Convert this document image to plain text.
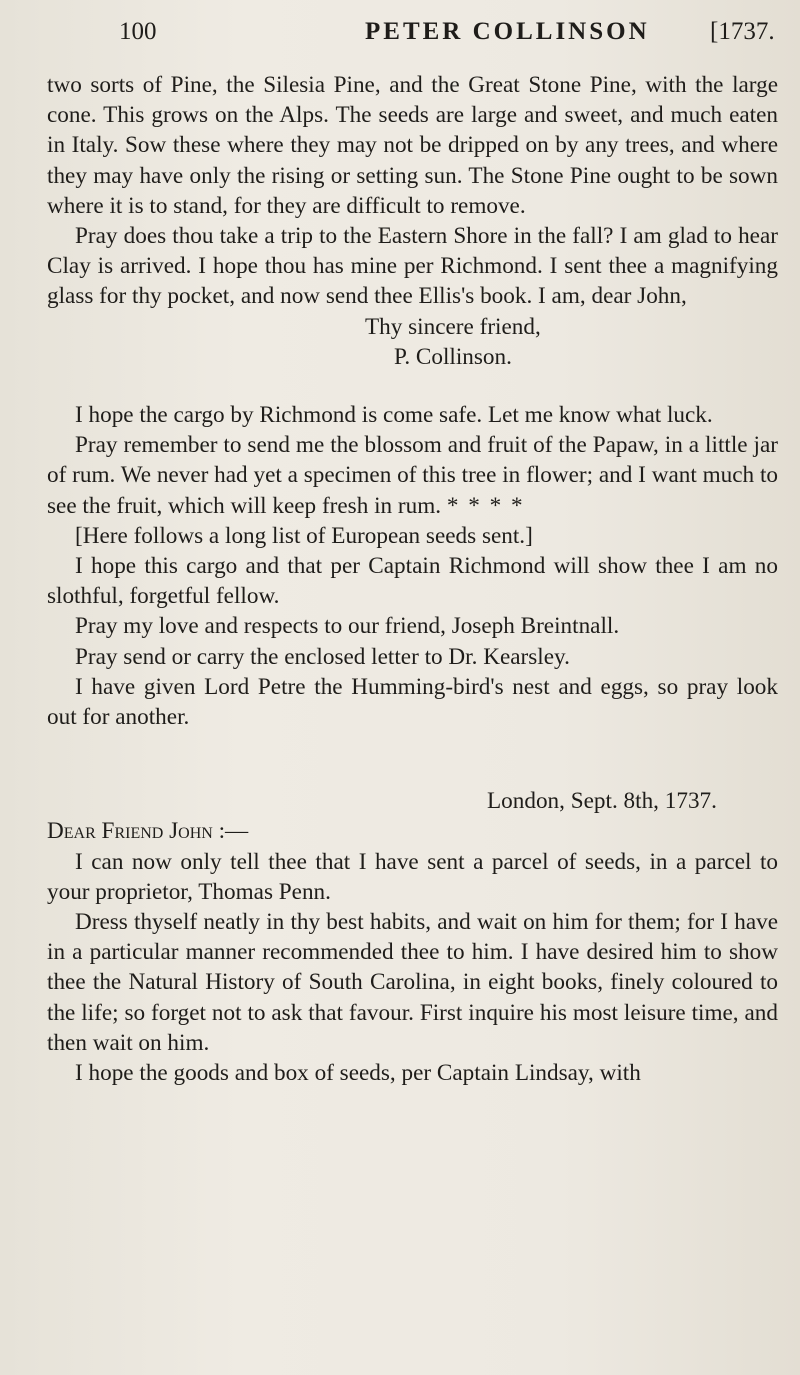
100	PETER COLLINSON [1737.

two sorts of Pine, the Silesia Pine, and the Great Stone Pine, with the large cone. This grows on the Alps. The seeds are large and sweet, and much eaten in Italy. Sow these where they may not be dripped on by any trees, and where they may have only the rising or setting sun. The Stone Pine ought to be sown where it is to stand, for they are difficult to remove.

Pray does thou take a trip to the Eastern Shore in the fall? I am glad to hear Clay is arrived. I hope thou has mine per Richmond. I sent thee a magnifying glass for thy pocket, and now send thee Ellis's book. I am, dear John,

Thy sincere friend,
P. Collinson.

I hope the cargo by Richmond is come safe. Let me know what luck.

Pray remember to send me the blossom and fruit of the Papaw, in a little jar of rum. We never had yet a specimen of this tree in flower; and I want much to see the fruit, which will keep fresh in rum. * * * *

[Here follows a long list of European seeds sent.]

I hope this cargo and that per Captain Richmond will show thee I am no slothful, forgetful fellow.

Pray my love and respects to our friend, Joseph Breintnall.

Pray send or carry the enclosed letter to Dr. Kearsley.

I have given Lord Petre the Humming-bird's nest and eggs, so pray look out for another.

London, Sept. 8th, 1737.
Dear Friend John :—

I can now only tell thee that I have sent a parcel of seeds, in a parcel to your proprietor, Thomas Penn.

Dress thyself neatly in thy best habits, and wait on him for them; for I have in a particular manner recommended thee to him. I have desired him to show thee the Natural History of South Carolina, in eight books, finely coloured to the life; so forget not to ask that favour. First inquire his most leisure time, and then wait on him.

I hope the goods and box of seeds, per Captain Lindsay, with
